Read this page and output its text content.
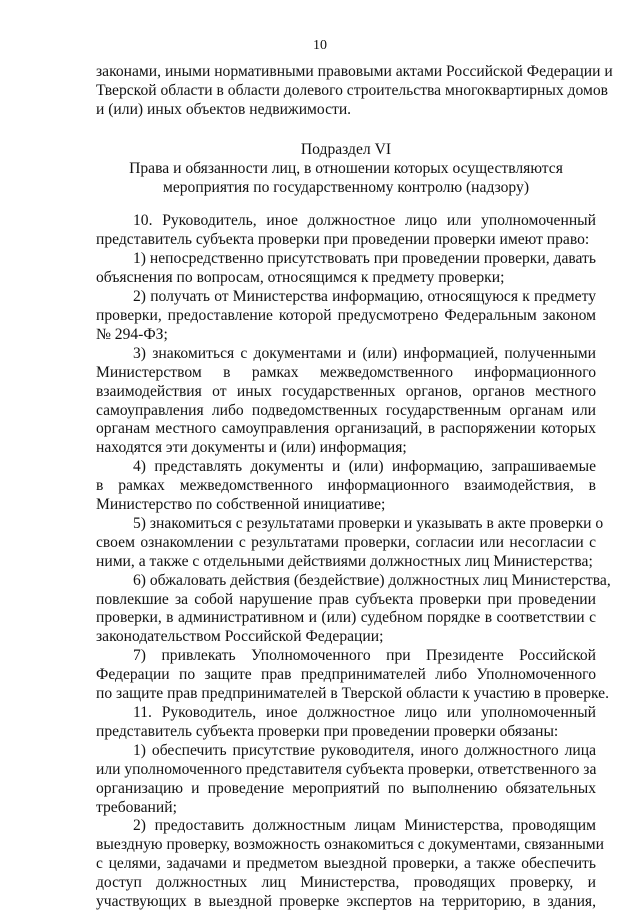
10
законами, иными нормативными правовыми актами Российской Федерации и
Тверской области в области долевого строительства многоквартирных домов
и (или) иных объектов недвижимости.
Подраздел VI
Права и обязанности лиц, в отношении которых осуществляются
мероприятия по государственному контролю (надзору)
10. Руководитель, иное должностное лицо или уполномоченный
представитель субъекта проверки при проведении проверки имеют право:
1) непосредственно присутствовать при проведении проверки, давать
объяснения по вопросам, относящимся к предмету проверки;
2) получать от Министерства информацию, относящуюся к предмету
проверки, предоставление которой предусмотрено Федеральным законом
№ 294-ФЗ;
3) знакомиться с документами и (или) информацией, полученными
Министерством в рамках межведомственного информационного
взаимодействия от иных государственных органов, органов местного
самоуправления либо подведомственных государственным органам или
органам местного самоуправления организаций, в распоряжении которых
находятся эти документы и (или) информация;
4) представлять документы и (или) информацию, запрашиваемые
в рамках межведомственного информационного взаимодействия, в
Министерство по собственной инициативе;
5) знакомиться с результатами проверки и указывать в акте проверки о
своем ознакомлении с результатами проверки, согласии или несогласии с
ними, а также с отдельными действиями должностных лиц Министерства;
6) обжаловать действия (бездействие) должностных лиц Министерства,
повлекшие за собой нарушение прав субъекта проверки при проведении
проверки, в административном и (или) судебном порядке в соответствии с
законодательством Российской Федерации;
7) привлекать Уполномоченного при Президенте Российской
Федерации по защите прав предпринимателей либо Уполномоченного
по защите прав предпринимателей в Тверской области к участию в проверке.
11. Руководитель, иное должностное лицо или уполномоченный
представитель субъекта проверки при проведении проверки обязаны:
1) обеспечить присутствие руководителя, иного должностного лица
или уполномоченного представителя субъекта проверки, ответственного за
организацию и проведение мероприятий по выполнению обязательных
требований;
2) предоставить должностным лицам Министерства, проводящим
выездную проверку, возможность ознакомиться с документами, связанными
с целями, задачами и предметом выездной проверки, а также обеспечить
доступ должностных лиц Министерства, проводящих проверку, и
участвующих в выездной проверке экспертов на территорию, в здания,
